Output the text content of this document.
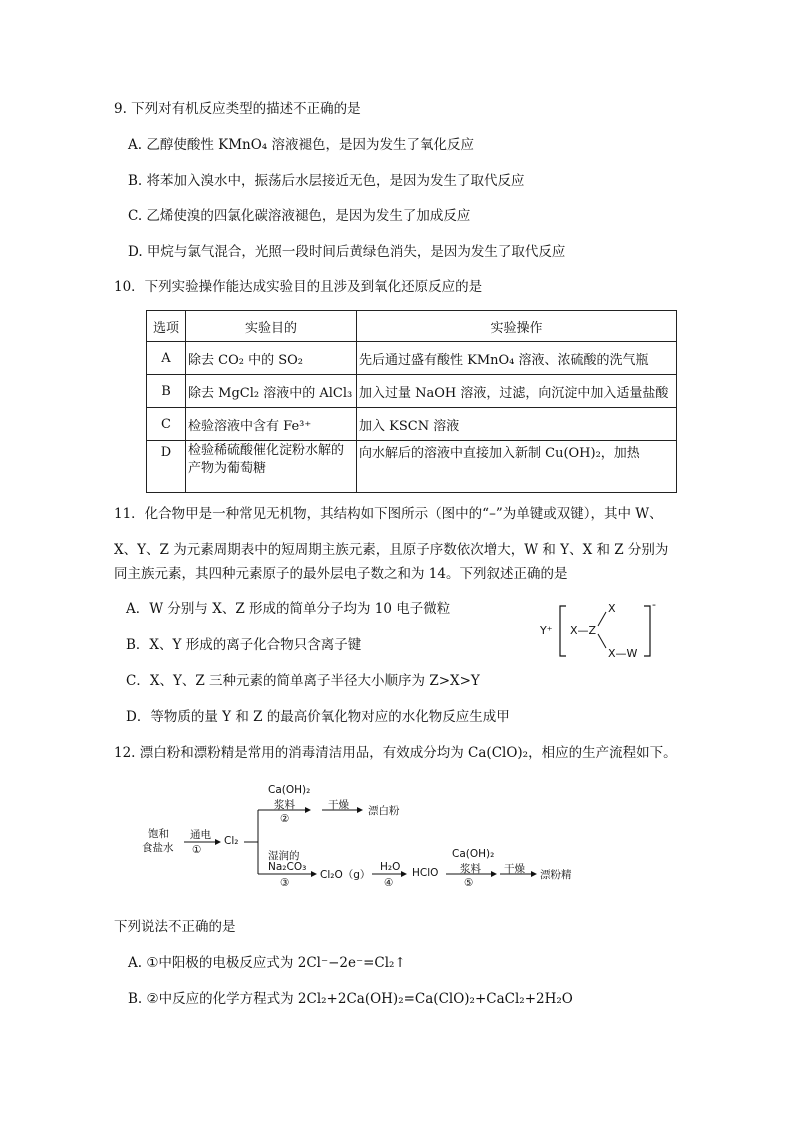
9. 下列对有机反应类型的描述不正确的是
A. 乙醇使酸性 KMnO₄ 溶液褪色，是因为发生了氧化反应
B. 将苯加入溴水中，振荡后水层接近无色，是因为发生了取代反应
C. 乙烯使溴的四氯化碳溶液褪色，是因为发生了加成反应
D. 甲烷与氯气混合，光照一段时间后黄绿色消失，是因为发生了取代反应
10．下列实验操作能达成实验目的且涉及到氧化还原反应的是
选项	实验目的	实验操作
A	除去 CO₂ 中的 SO₂	先后通过盛有酸性 KMnO₄ 溶液、浓硫酸的洗气瓶
B	除去 MgCl₂ 溶液中的 AlCl₃	加入过量 NaOH 溶液，过滤，向沉淀中加入适量盐酸
C	检验溶液中含有 Fe³⁺	加入 KSCN 溶液
D	检验稀硫酸催化淀粉水解的产物为葡萄糖	向水解后的溶液中直接加入新制 Cu(OH)₂，加热
11．化合物甲是一种常见无机物，其结构如下图所示（图中的“–”为单键或双键），其中 W、
X、Y、Z 为元素周期表中的短周期主族元素，且原子序数依次增大，W 和 Y、X 和 Z 分别为
同主族元素，其四种元素原子的最外层电子数之和为 14。下列叙述正确的是
A．W 分别与 X、Z 形成的简单分子均为 10 电子微粒
B．X、Y 形成的离子化合物只含离子键
C．X、Y、Z 三种元素的简单离子半径大小顺序为 Z>X>Y
D．等物质的量 Y 和 Z 的最高价氧化物对应的水化物反应生成甲
Y⁺
X
X—Z
X—W
-
12. 漂白粉和漂粉精是常用的消毒清洁用品，有效成分均为 Ca(ClO)₂，相应的生产流程如下。
饱和
食盐水
通电
①
Cl₂
Ca(OH)₂
浆料
②
干燥 漂白粉
湿润的
Na₂CO₃
③
Cl₂O（g）
H₂O
④
HClO
Ca(OH)₂
浆料
⑤
干燥 漂粉精
下列说法不正确的是
A. ①中阳极的电极反应式为 2Cl⁻−2e⁻=Cl₂↑
B. ②中反应的化学方程式为 2Cl₂+2Ca(OH)₂=Ca(ClO)₂+CaCl₂+2H₂O
